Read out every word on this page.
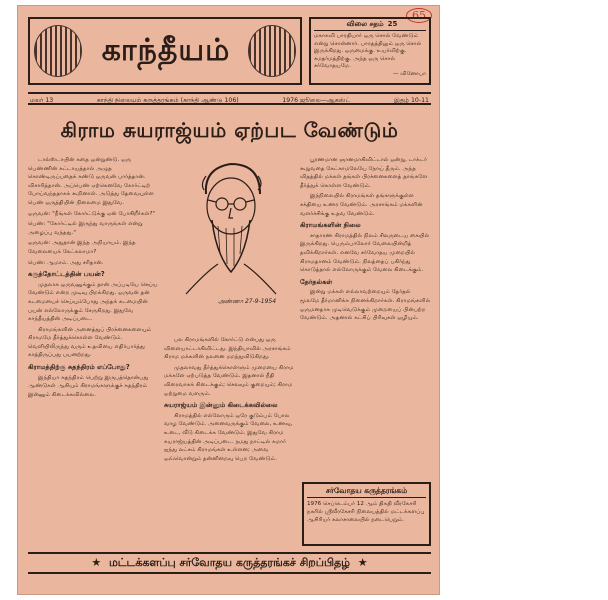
65
காந்தீயம்
விலை சதம் 25
மகாகவி பாரதியார் ஒரு சொல் வேண்டும் என்று சொன்னார். பாரதத்திலும் ஒரு சொல் இருக்கிறது. ஒருமைக்கு. உயர்விற்கு. சமதர்மத்திற்கு. அந்த ஒரு சொல் சர்வோதயமே.
— வினோபா
மலர் 13	காந்தி நிலையம் கருத்தரங்கம் (காந்தி ஆண்டு 106)	1976 ஜூலை—ஆகஸ்ட்	இதழ் 10-11
கிராம சுயராஜ்யம் ஏற்பட வேண்டும்

டால்ஸ்டாயின் கதை ஒன்றுண்டு. ஒரு பெண்ணின் கட்டாயத்தால் அழுத கொண்டிருப்பதைக் கண்டு ஒருவன் பார்த்தான். விசாரித்தான். அப்பெண் ஏற்கெனவே கோர்ட்டிற் போய்வந்ததாகக் கூறினாள். அடுத்து தேவையுள்ள பெண் ஒருத்தியின் நிலைமை இதுவே.

ஒருவன்: "நீங்கள் கோர்ட்டுக்கு ஏன் போகிறீர்கள்?"

பெண்: "கோர்ட்டில் இருந்து வாருங்கள் என்று அழைப்பு வந்தது."

ஒருவன்: அதுதான் இந்த அநியாயம். இந்த வேலையைக் கேட்கலாமா?

பெண்: ஆமாம். அது சரிதான்.

கருத்தோட்டத்தின் பயன்?

முதலாக ஒருவனுக்கும் தான் அப்படியே செய்ய வேண்டும் என்ற முடிவு பிறக்கிறது. ஒருவன் தன் கடமையைச் செய்யும்போது அந்தக் கடமையின் பயன் எல்லோருக்கும் சேருகிறது. இதுவே காந்தீயத்தின் அடிப்படை.

கிராமங்களின் அனைத்துப் பிரச்னைகளையும் கிராமமே தீர்த்துக்கொள்ள வேண்டும். வெளியிலிருந்து வரும் உதவியை எதிர்பார்த்து காத்திருப்பது பயனற்றது.

கிராமத்திற்கு சுதந்திரம் எப்போது?

இந்தியா சுதந்திரம் பெற்று இருபத்தொன்பது ஆண்டுகள் ஆகியும் கிராமங்களுக்குச் சுதந்திரம் இன்னும் கிடைக்கவில்லை.

அண்ணா 27-9-1954

பல கிராமங்களில் கோர்ட்டு என்பது ஒரு விளையாட்டாகிவிட்டது. இந்தியாவில் அரசாங்கம் கிராம மக்களின் நலனை மறந்துவிடுகிறது.

முதலாவது தீர்த்துக்கொள்ளும் முறையை கிராம மக்களே ஏற்படுத்த வேண்டும். இதனால் நீதி விரைவாகக் கிடைக்கும்; செலவும் குறையும்; கிராம ஒற்றுமை வளரும்.

சுயராஜ்யம் இன்னும் கிடைக்கவில்லை

கிராமத்தில் எல்லோரும் ஒரே குடும்பம் போல வாழ வேண்டும். அனைவருக்கும் வேலை, உணவு, உடை, வீடு கிடைக்க வேண்டும். இதுவே கிராம சுயராஜ்யத்தின் அடிப்படை. நமது நாட்டில் சுமார் ஐந்து லட்சம் கிராமங்கள் உள்ளன; அவை ஒவ்வொன்றும் தன்னிறைவு பெற வேண்டும்.

பூரணமான ஞானமாகிவிட்டால் ஒன்று, டாக்டர் கூறுவதை கேட்காமலேயே நோய் தீரும். அந்த விதத்தில் மக்கள் தங்கள் பிரச்னைகளைத் தாங்களே தீர்த்துக் கொள்ள வேண்டும்.

இந்நிலையில் கிராமங்கள் தங்களுக்குள்ள சக்தியை உணர வேண்டும். அரசாங்கம் மக்களின் வளர்ச்சிக்கு உதவ வேண்டும்.

கிராமங்களின் நிலை

சாதாரண கிராமத்தில் நிலம் சிலருடைய கையில் இருக்கிறது. பெரும்பாலோர் வேலையின்றித் தவிக்கிறார்கள். எனவே சர்வோதய முறையில் கிராமதானம் வேண்டும். நிலத்தைப் பகிர்ந்து கொடுத்தால் எல்லோருக்கும் வேலை கிடைக்கும்.

தேர்தல்கள்

இன்று மக்கள் எல்லாவற்றையும் தேர்தல் மூலமே தீர்மானிக்க நினைக்கிறார்கள். கிராமங்களில் ஒருமனதாக முடிவெடுக்கும் முறையைப் பின்பற்ற வேண்டும். அதனால் கட்சிப் பிரிவுகள் ஒழியும்.

சர்வோதய கருத்தரங்கம்
1976 செப்டெம்பர் 12 ஆம் திகதி வீரகேசரி நகரில் ஸ்ரீவீரகேசரி நிலையத்தில் மட்டக்களப்பு ஆசிரியர் கலாசாலையில் நடைபெறும்.
★ மட்டக்களப்பு சர்வோதய கருத்தரங்கச் சிறப்பிதழ் ★
